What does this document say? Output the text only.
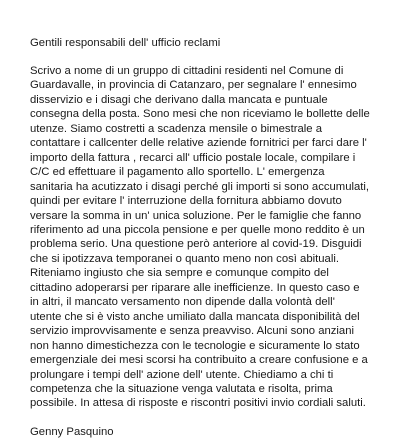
Gentili responsabili dell' ufficio reclami

Scrivo a nome di un gruppo di cittadini residenti nel Comune di
Guardavalle, in provincia di Catanzaro, per segnalare l' ennesimo
disservizio e i disagi che derivano dalla mancata e puntuale
consegna della posta. Sono mesi che non riceviamo le bollette delle
utenze. Siamo costretti a scadenza mensile o bimestrale a
contattare i callcenter delle relative aziende fornitrici per farci dare l'
importo della fattura , recarci all' ufficio postale locale, compilare i
C/C ed effettuare il pagamento allo sportello. L' emergenza
sanitaria ha acutizzato i disagi perché gli importi si sono accumulati,
quindi per evitare l' interruzione della fornitura abbiamo dovuto
versare la somma in un' unica soluzione. Per le famiglie che fanno
riferimento ad una piccola pensione e per quelle mono reddito è un
problema serio. Una questione però anteriore al covid-19. Disguidi
che si ipotizzava temporanei o quanto meno non così abituali.
Riteniamo ingiusto che sia sempre e comunque compito del
cittadino adoperarsi per riparare alle inefficienze. In questo caso e
in altri, il mancato versamento non dipende dalla volontà dell'
utente che si è visto anche umiliato dalla mancata disponibilità del
servizio improvvisamente e senza preavviso. Alcuni sono anziani
non hanno dimestichezza con le tecnologie e sicuramente lo stato
emergenziale dei mesi scorsi ha contribuito a creare confusione e a
prolungare i tempi dell' azione dell' utente. Chiediamo a chi ti
competenza che la situazione venga valutata e risolta, prima
possibile. In attesa di risposte e riscontri positivi invio cordiali saluti.

Genny Pasquino
